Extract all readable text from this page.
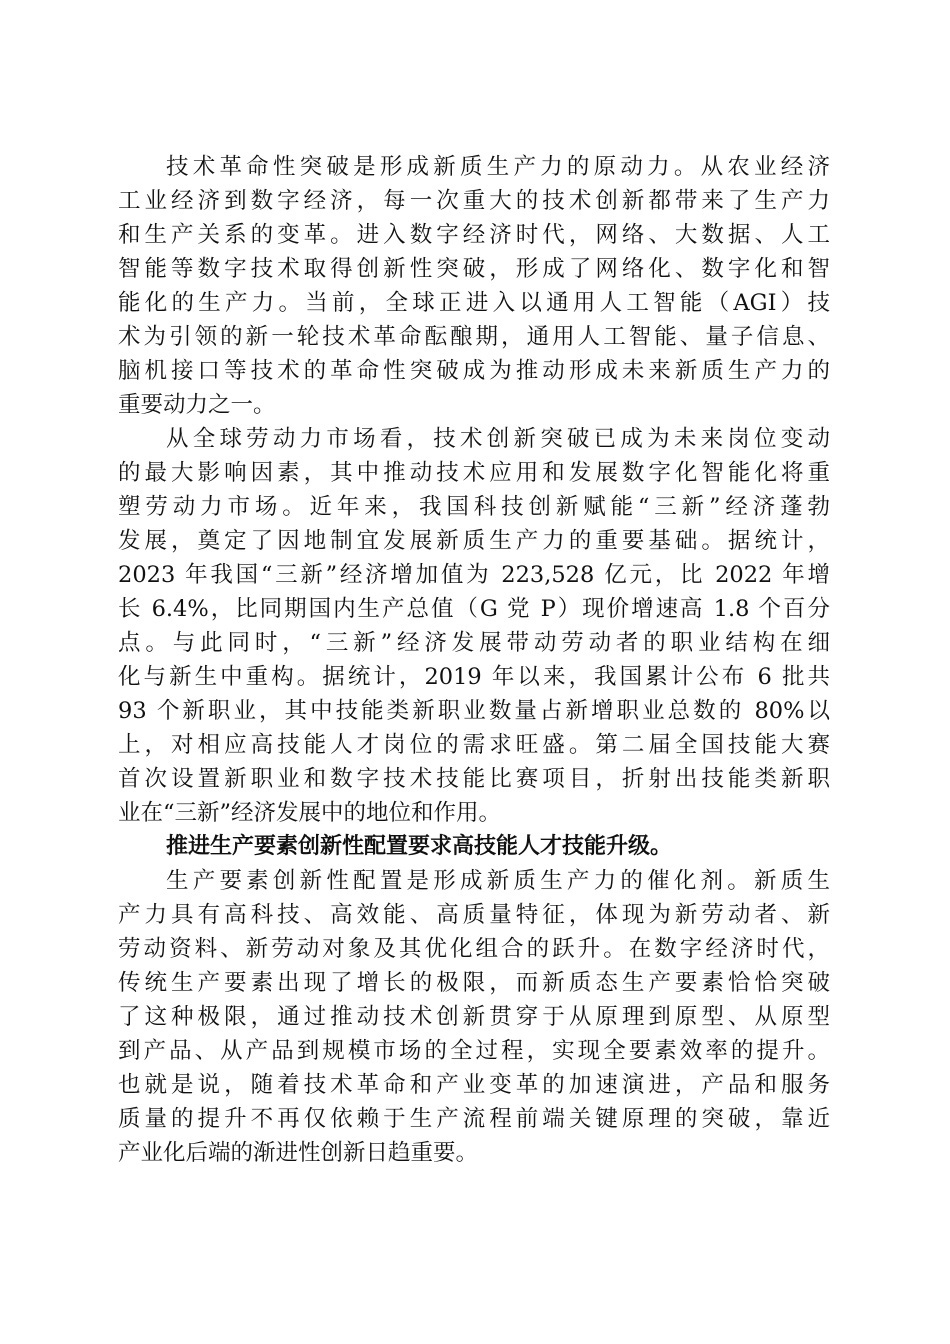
技术革命性突破是形成新质生产力的原动力。从农业经济
工业经济到数字经济，每一次重大的技术创新都带来了生产力
和生产关系的变革。进入数字经济时代，网络、大数据、人工
智能等数字技术取得创新性突破，形成了网络化、数字化和智
能化的生产力。当前，全球正进入以通用人工智能（AGI）技
术为引领的新一轮技术革命酝酿期，通用人工智能、量子信息、
脑机接口等技术的革命性突破成为推动形成未来新质生产力的
重要动力之一。
从全球劳动力市场看，技术创新突破已成为未来岗位变动
的最大影响因素，其中推动技术应用和发展数字化智能化将重
塑劳动力市场。近年来，我国科技创新赋能“三新”经济蓬勃
发展，奠定了因地制宜发展新质生产力的重要基础。据统计，
2023 年我国“三新”经济增加值为 223,528 亿元，比 2022 年增
长 6.4%，比同期国内生产总值（G 党 P）现价增速高 1.8 个百分
点。与此同时，“三新”经济发展带动劳动者的职业结构在细
化与新生中重构。据统计，2019 年以来，我国累计公布 6 批共
93 个新职业，其中技能类新职业数量占新增职业总数的 80%以
上，对相应高技能人才岗位的需求旺盛。第二届全国技能大赛
首次设置新职业和数字技术技能比赛项目，折射出技能类新职
业在“三新”经济发展中的地位和作用。
推进生产要素创新性配置要求高技能人才技能升级。
生产要素创新性配置是形成新质生产力的催化剂。新质生
产力具有高科技、高效能、高质量特征，体现为新劳动者、新
劳动资料、新劳动对象及其优化组合的跃升。在数字经济时代，
传统生产要素出现了增长的极限，而新质态生产要素恰恰突破
了这种极限，通过推动技术创新贯穿于从原理到原型、从原型
到产品、从产品到规模市场的全过程，实现全要素效率的提升。
也就是说，随着技术革命和产业变革的加速演进，产品和服务
质量的提升不再仅依赖于生产流程前端关键原理的突破，靠近
产业化后端的渐进性创新日趋重要。
